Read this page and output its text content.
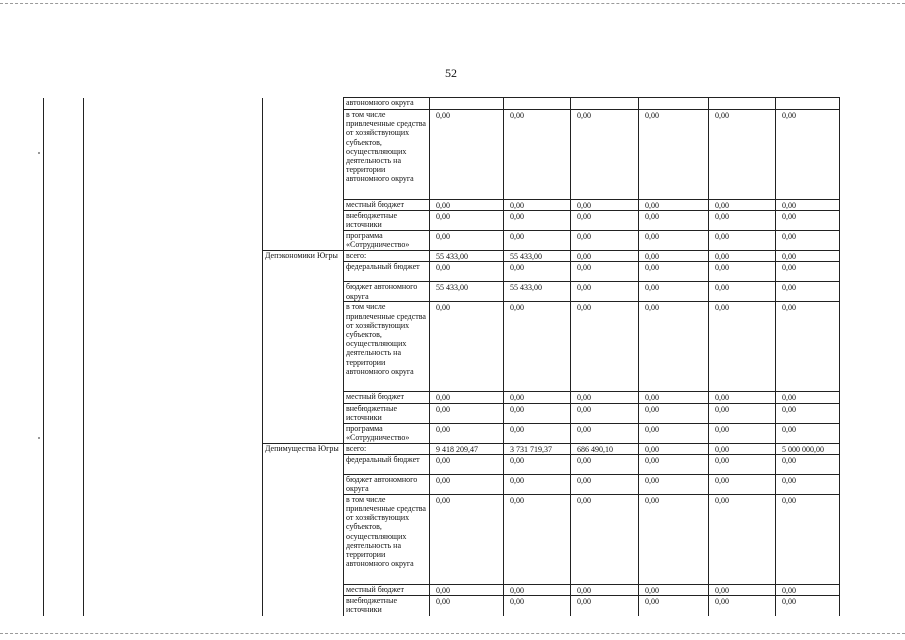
52
			автономного округа						
			в том числе привлеченные средства от хозяйствующих субъектов, осуществляющих деятельность на территории автономного округа	0,00	0,00	0,00	0,00	0,00	0,00
			местный бюджет	0,00	0,00	0,00	0,00	0,00	0,00
			внебюджетные источники	0,00	0,00	0,00	0,00	0,00	0,00
			программа «Сотрудничество»	0,00	0,00	0,00	0,00	0,00	0,00
		Депэкономики Югры	всего:	55 433,00	55 433,00	0,00	0,00	0,00	0,00
			федеральный бюджет	0,00	0,00	0,00	0,00	0,00	0,00
			бюджет автономного округа	55 433,00	55 433,00	0,00	0,00	0,00	0,00
			в том числе привлеченные средства от хозяйствующих субъектов, осуществляющих деятельность на территории автономного округа	0,00	0,00	0,00	0,00	0,00	0,00
			местный бюджет	0,00	0,00	0,00	0,00	0,00	0,00
			внебюджетные источники	0,00	0,00	0,00	0,00	0,00	0,00
			программа «Сотрудничество»	0,00	0,00	0,00	0,00	0,00	0,00
		Депимущества Югры	всего:	9 418 209,47	3 731 719,37	686 490,10	0,00	0,00	5 000 000,00
			федеральный бюджет	0,00	0,00	0,00	0,00	0,00	0,00
			бюджет автономного округа	0,00	0,00	0,00	0,00	0,00	0,00
			в том числе привлеченные средства от хозяйствующих субъектов, осуществляющих деятельность на территории автономного округа	0,00	0,00	0,00	0,00	0,00	0,00
			местный бюджет	0,00	0,00	0,00	0,00	0,00	0,00
			внебюджетные источники	0,00	0,00	0,00	0,00	0,00	0,00
